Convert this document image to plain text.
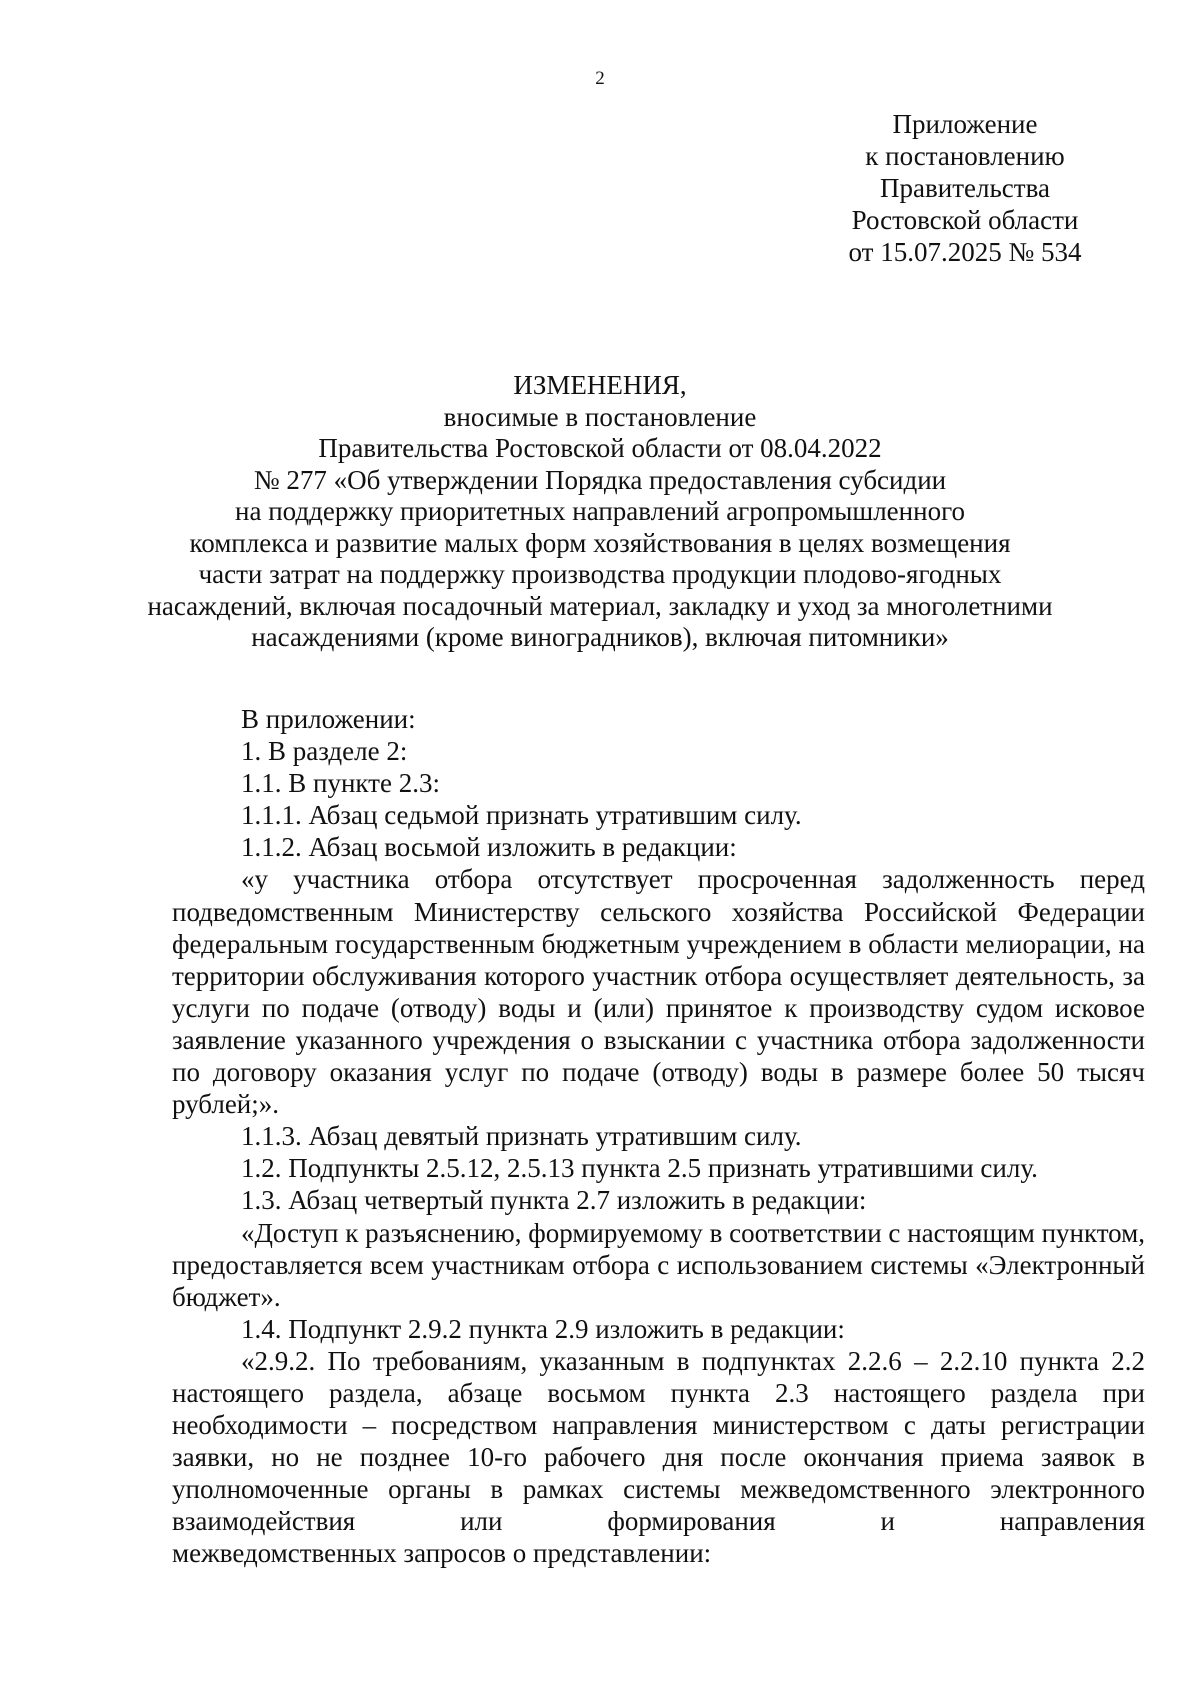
2
Приложение
к постановлению
Правительства
Ростовской области
от 15.07.2025 № 534
ИЗМЕНЕНИЯ,
вносимые в постановление
Правительства Ростовской области от 08.04.2022
№ 277 «Об утверждении Порядка предоставления субсидии
на поддержку приоритетных направлений агропромышленного
комплекса и развитие малых форм хозяйствования в целях возмещения
части затрат на поддержку производства продукции плодово-ягодных
насаждений, включая посадочный материал, закладку и уход за многолетними
насаждениями (кроме виноградников), включая питомники»

В приложении:

1. В разделе 2:

1.1. В пункте 2.3:

1.1.1. Абзац седьмой признать утратившим силу.

1.1.2. Абзац восьмой изложить в редакции:

«у участника отбора отсутствует просроченная задолженность перед подведомственным Министерству сельского хозяйства Российской Федерации федеральным государственным бюджетным учреждением в области мелиорации, на территории обслуживания которого участник отбора осуществляет деятельность, за услуги по подаче (отводу) воды и (или) принятое к производству судом исковое заявление указанного учреждения о взыскании с участника отбора задолженности по договору оказания услуг по подаче (отводу) воды в размере более 50 тысяч рублей;».

1.1.3. Абзац девятый признать утратившим силу.

1.2. Подпункты 2.5.12, 2.5.13 пункта 2.5 признать утратившими силу.

1.3. Абзац четвертый пункта 2.7 изложить в редакции:

«Доступ к разъяснению, формируемому в соответствии с настоящим пунктом, предоставляется всем участникам отбора с использованием системы «Электронный бюджет».

1.4. Подпункт 2.9.2 пункта 2.9 изложить в редакции:

«2.9.2. По требованиям, указанным в подпунктах 2.2.6 – 2.2.10 пункта 2.2 настоящего раздела, абзаце восьмом пункта 2.3 настоящего раздела при необходимости – посредством направления министерством с даты регистрации заявки, но не позднее 10-го рабочего дня после окончания приема заявок в уполномоченные органы в рамках системы межведомственного электронного взаимодействия или формирования и направления

межведомственных запросов о представлении:
